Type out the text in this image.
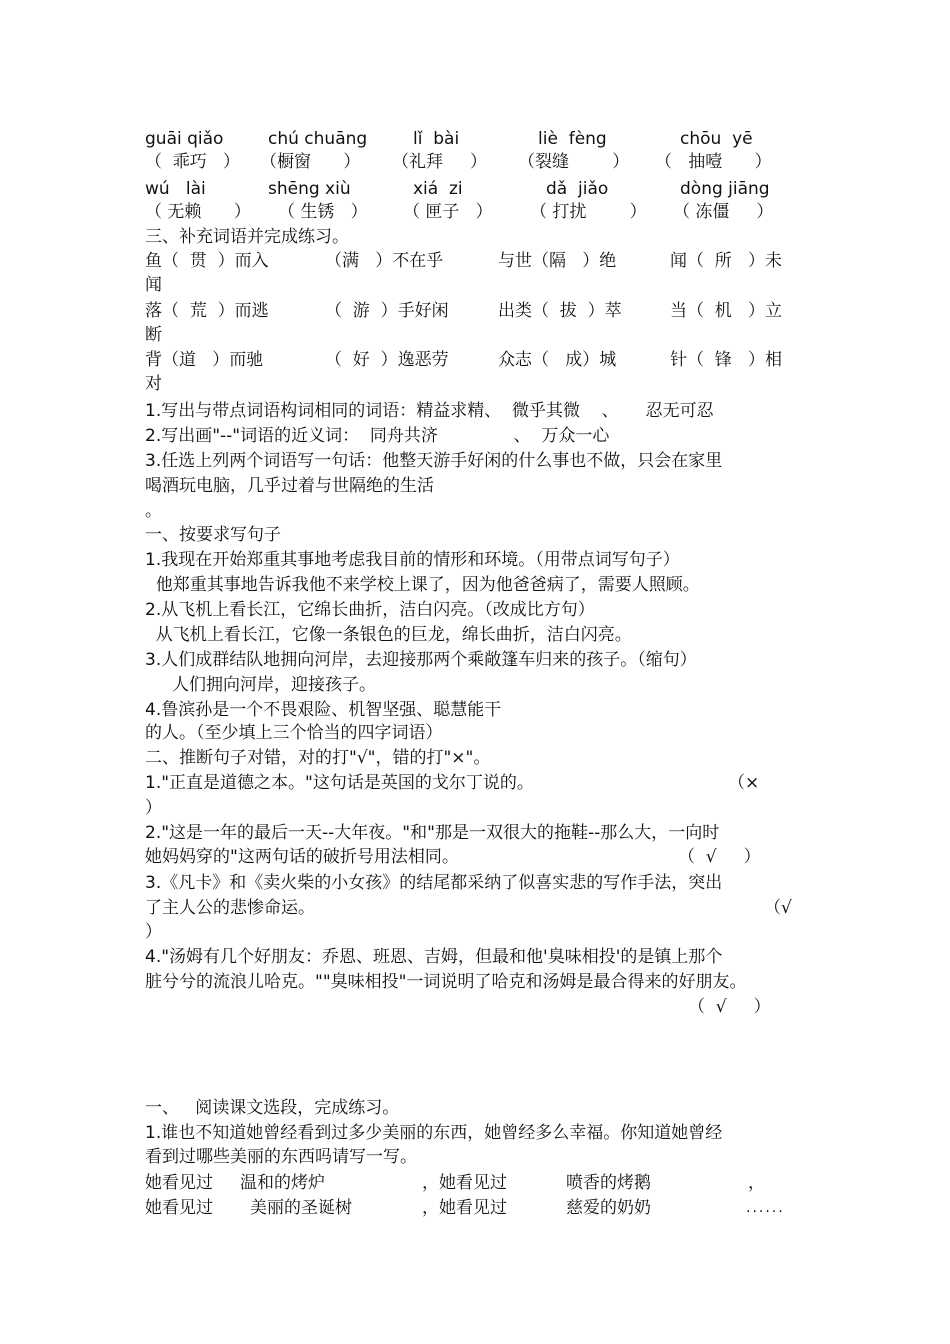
guāi qiǎo	chú chuāng	lǐ  bài	liè  fèng	chōu  yē
（  乖巧   ） （橱窗      ） （礼拜     ） （裂缝        ） （   抽噎      ）
wú   lài	shēng xiù	xiá  zi	dǎ  jiǎo	dòng jiāng
（ 无赖      ） （ 生锈   ） （ 匣子   ） （ 打扰        ） （ 冻僵     ）
三、补充词语并完成练习。
鱼（  贯  ）而入	（满   ）不在乎	与世（隔   ）绝	闻（  所   ）未
闻
落（  荒  ）而逃	（  游  ）手好闲	出类（  拔  ）萃	当（  机   ）立
断
背（道   ）而驰	（  好  ）逸恶劳	众志（   成）城	针（  锋   ）相
对
1.写出与带点词语构词相同的词语：精益求精、  微乎其微    、     忍无可忍
2.写出画"--"词语的近义词：  同舟共济              、  万众一心
3.任选上列两个词语写一句话：他整天游手好闲的什么事也不做，只会在家里
喝酒玩电脑，几乎过着与世隔绝的生活
。
一、按要求写句子
1.我现在开始郑重其事地考虑我目前的情形和环境。（用带点词写句子）
他郑重其事地告诉我他不来学校上课了，因为他爸爸病了，需要人照顾。
2.从飞机上看长江，它绵长曲折，洁白闪亮。（改成比方句）
从飞机上看长江，它像一条银色的巨龙，绵长曲折，洁白闪亮。
3.人们成群结队地拥向河岸，去迎接那两个乘敞篷车归来的孩子。（缩句）
人们拥向河岸，迎接孩子。
4.鲁滨孙是一个不畏艰险、机智坚强、聪慧能干
的人。（至少填上三个恰当的四字词语）
二、推断句子对错，对的打"√"，错的打"×"。
1."正直是道德之本。"这句话是英国的戈尔丁说的。	（×
）
2."这是一年的最后一天--大年夜。"和"那是一双很大的拖鞋--那么大，一向时
她妈妈穿的"这两句话的破折号用法相同。	（  √     ）
3.《凡卡》和《卖火柴的小女孩》的结尾都采纳了似喜实悲的写作手法，突出
了主人公的悲惨命运。	（√
）
4."汤姆有几个好朋友：乔恩、班恩、吉姆，但最和他'臭味相投'的是镇上那个
脏兮兮的流浪儿哈克。""臭味相投"一词说明了哈克和汤姆是最合得来的好朋友。
（  √     ）
一、   阅读课文选段，完成练习。
1.谁也不知道她曾经看到过多少美丽的东西，她曾经多么幸福。你知道她曾经
看到过哪些美丽的东西吗请写一写。
她看见过 温和的烤炉	，她看见过	喷香的烤鹅	，
她看见过 美丽的圣诞树	，她看见过	慈爱的奶奶	......
